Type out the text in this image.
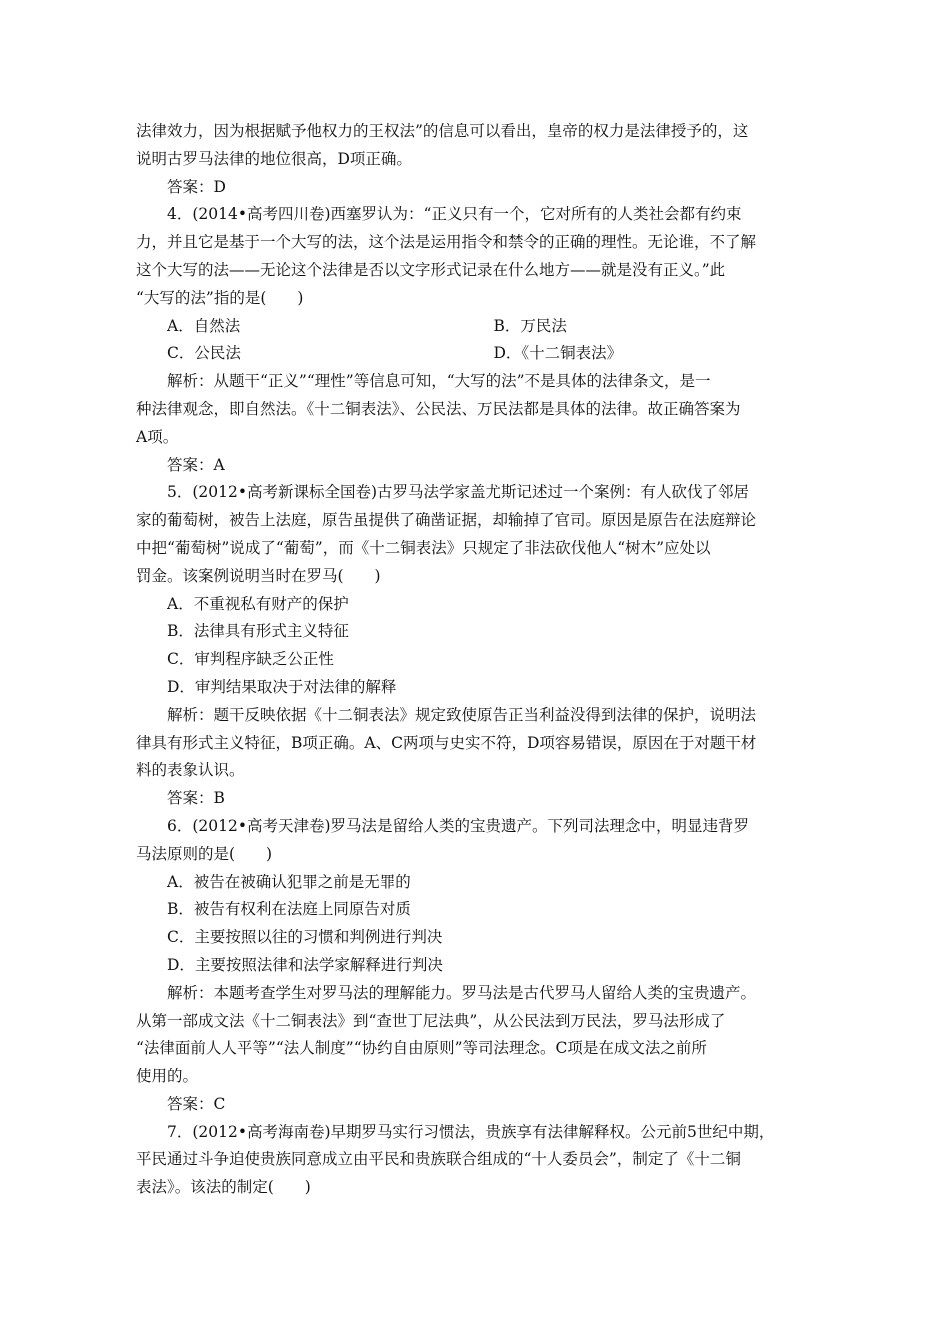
法律效力，因为根据赋予他权力的王权法”的信息可以看出，皇帝的权力是法律授予的，这

说明古罗马法律的地位很高，D项正确。

答案：D

4．(2014•高考四川卷)西塞罗认为：“正义只有一个，它对所有的人类社会都有约束

力，并且它是基于一个大写的法，这个法是运用指令和禁令的正确的理性。无论谁，不了解

这个大写的法——无论这个法律是否以文字形式记录在什么地方——就是没有正义。”此

“大写的法”指的是(　　)

A．自然法	B．万民法
C．公民法	D．《十二铜表法》

解析：从题干“正义”“理性”等信息可知，“大写的法”不是具体的法律条文，是一

种法律观念，即自然法。《十二铜表法》、公民法、万民法都是具体的法律。故正确答案为

A项。

答案：A

5．(2012•高考新课标全国卷)古罗马法学家盖尤斯记述过一个案例：有人砍伐了邻居

家的葡萄树，被告上法庭，原告虽提供了确凿证据，却输掉了官司。原因是原告在法庭辩论

中把“葡萄树”说成了“葡萄”，而《十二铜表法》只规定了非法砍伐他人“树木”应处以

罚金。该案例说明当时在罗马(　　)

A．不重视私有财产的保护

B．法律具有形式主义特征

C．审判程序缺乏公正性

D．审判结果取决于对法律的解释

解析：题干反映依据《十二铜表法》规定致使原告正当利益没得到法律的保护，说明法

律具有形式主义特征，B项正确。A、C两项与史实不符，D项容易错误，原因在于对题干材

料的表象认识。

答案：B

6．(2012•高考天津卷)罗马法是留给人类的宝贵遗产。下列司法理念中，明显违背罗

马法原则的是(　　)

A．被告在被确认犯罪之前是无罪的

B．被告有权利在法庭上同原告对质

C．主要按照以往的习惯和判例进行判决

D．主要按照法律和法学家解释进行判决

解析：本题考查学生对罗马法的理解能力。罗马法是古代罗马人留给人类的宝贵遗产。

从第一部成文法《十二铜表法》到“查世丁尼法典”，从公民法到万民法，罗马法形成了

“法律面前人人平等”“法人制度”“协约自由原则”等司法理念。C项是在成文法之前所

使用的。

答案：C

7．(2012•高考海南卷)早期罗马实行习惯法，贵族享有法律解释权。公元前5世纪中期，

平民通过斗争迫使贵族同意成立由平民和贵族联合组成的“十人委员会”，制定了《十二铜

表法》。该法的制定(　　)
